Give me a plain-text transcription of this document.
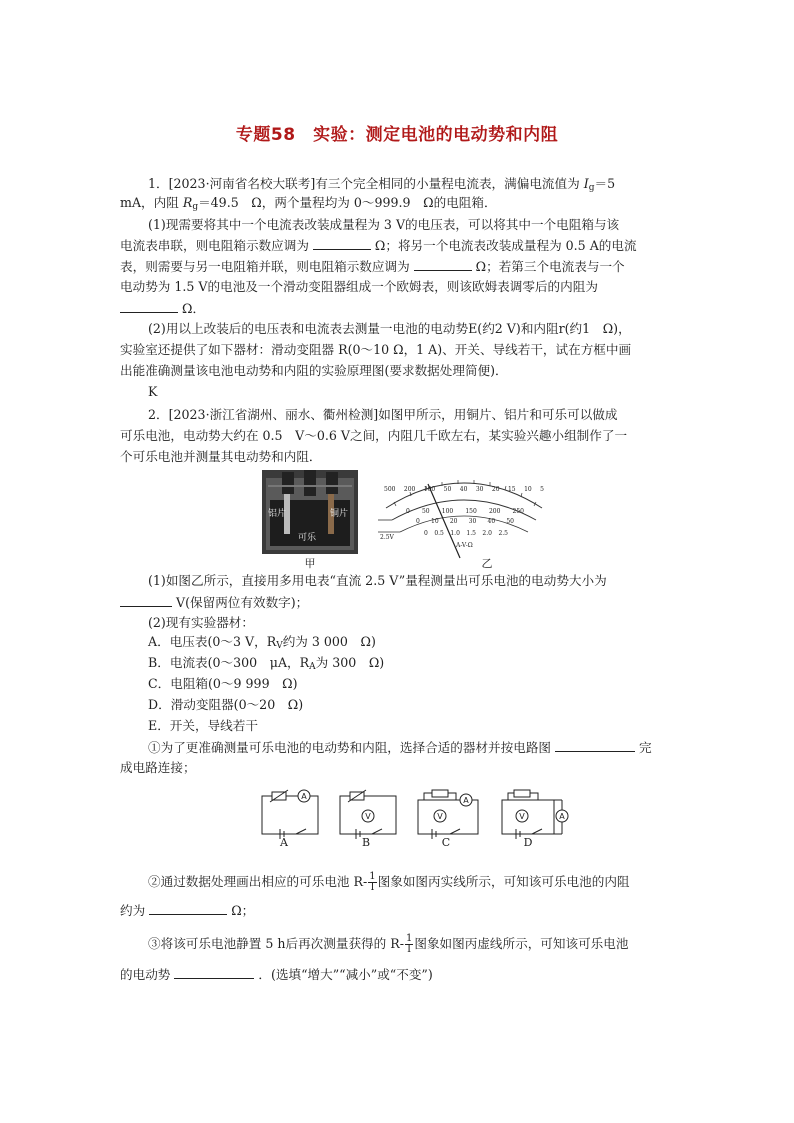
专题58　实验：测定电池的电动势和内阻
1．[2023·河南省名校大联考]有三个完全相同的小量程电流表，满偏电流值为 $I_g=5$
mA，内阻 $R_g=49.5$　Ω，两个量程均为 0～999.9　Ω的电阻箱．
(1)现需要将其中一个电流表改装成量程为 3 V的电压表，可以将其中一个电阻箱与该
电流表串联，则电阻箱示数应调为	Ω；将另一个电流表改装成量程为 0.5 A的电流
表，则需要与另一电阻箱并联，则电阻箱示数应调为	Ω；若第三个电流表与一个
电动势为 1.5 V的电池及一个滑动变阻器组成一个欧姆表，则该欧姆表调零后的内阻为
Ω．
(2)用以上改装后的电压表和电流表去测量一电池的电动势E(约2 V)和内阻r(约1　Ω)，
实验室还提供了如下器材：滑动变阻器 R(0～10 Ω，1 A)、开关、导线若干，试在方框中画
出能准确测量该电池电动势和内阻的实验原理图(要求数据处理简便)．
K
2．[2023·浙江省湖州、丽水、衢州检测]如图甲所示，用铜片、铝片和可乐可以做成
可乐电池，电动势大约在 0.5　V～0.6 V之间，内阻几千欧左右，某实验兴趣小组制作了一
个可乐电池并测量其电动势和内阻．
铝片	铜片
可乐
甲
500 200 100 50 40 30 20 15 10 5
0 50 100 150 200 250
0 10 20 30 40 50
0 0.5 1.0 1.5 2.0 2.5
2.5V
A-V-Ω
乙
(1)如图乙所示，直接用多用电表“直流 2.5 V”量程测量出可乐电池的电动势大小为
V(保留两位有效数字)；
(2)现有实验器材：
A．电压表(0～3 V，$R_V$约为 3 000　Ω)
B．电流表(0～300　μA，$R_A$为 300　Ω)
C．电阻箱(0～9 999　Ω)
D．滑动变阻器(0～20　Ω)
E．开关，导线若干
①为了更准确测量可乐电池的电动势和内阻，选择合适的器材并按电路图	完
成电路连接；
A
V	V
A
V	A
A	B	C	D
②通过数据处理画出相应的可乐电池 $R- \frac{1}{I}$ 图象如图丙实线所示，可知该可乐电池的内阻
约为	Ω；
③将该可乐电池静置 5 h后再次测量获得的 $R- \frac{1}{I}$ 图象如图丙虚线所示，可知该可乐电池
的电动势	．(选填“增大”“减小”或“不变”)
